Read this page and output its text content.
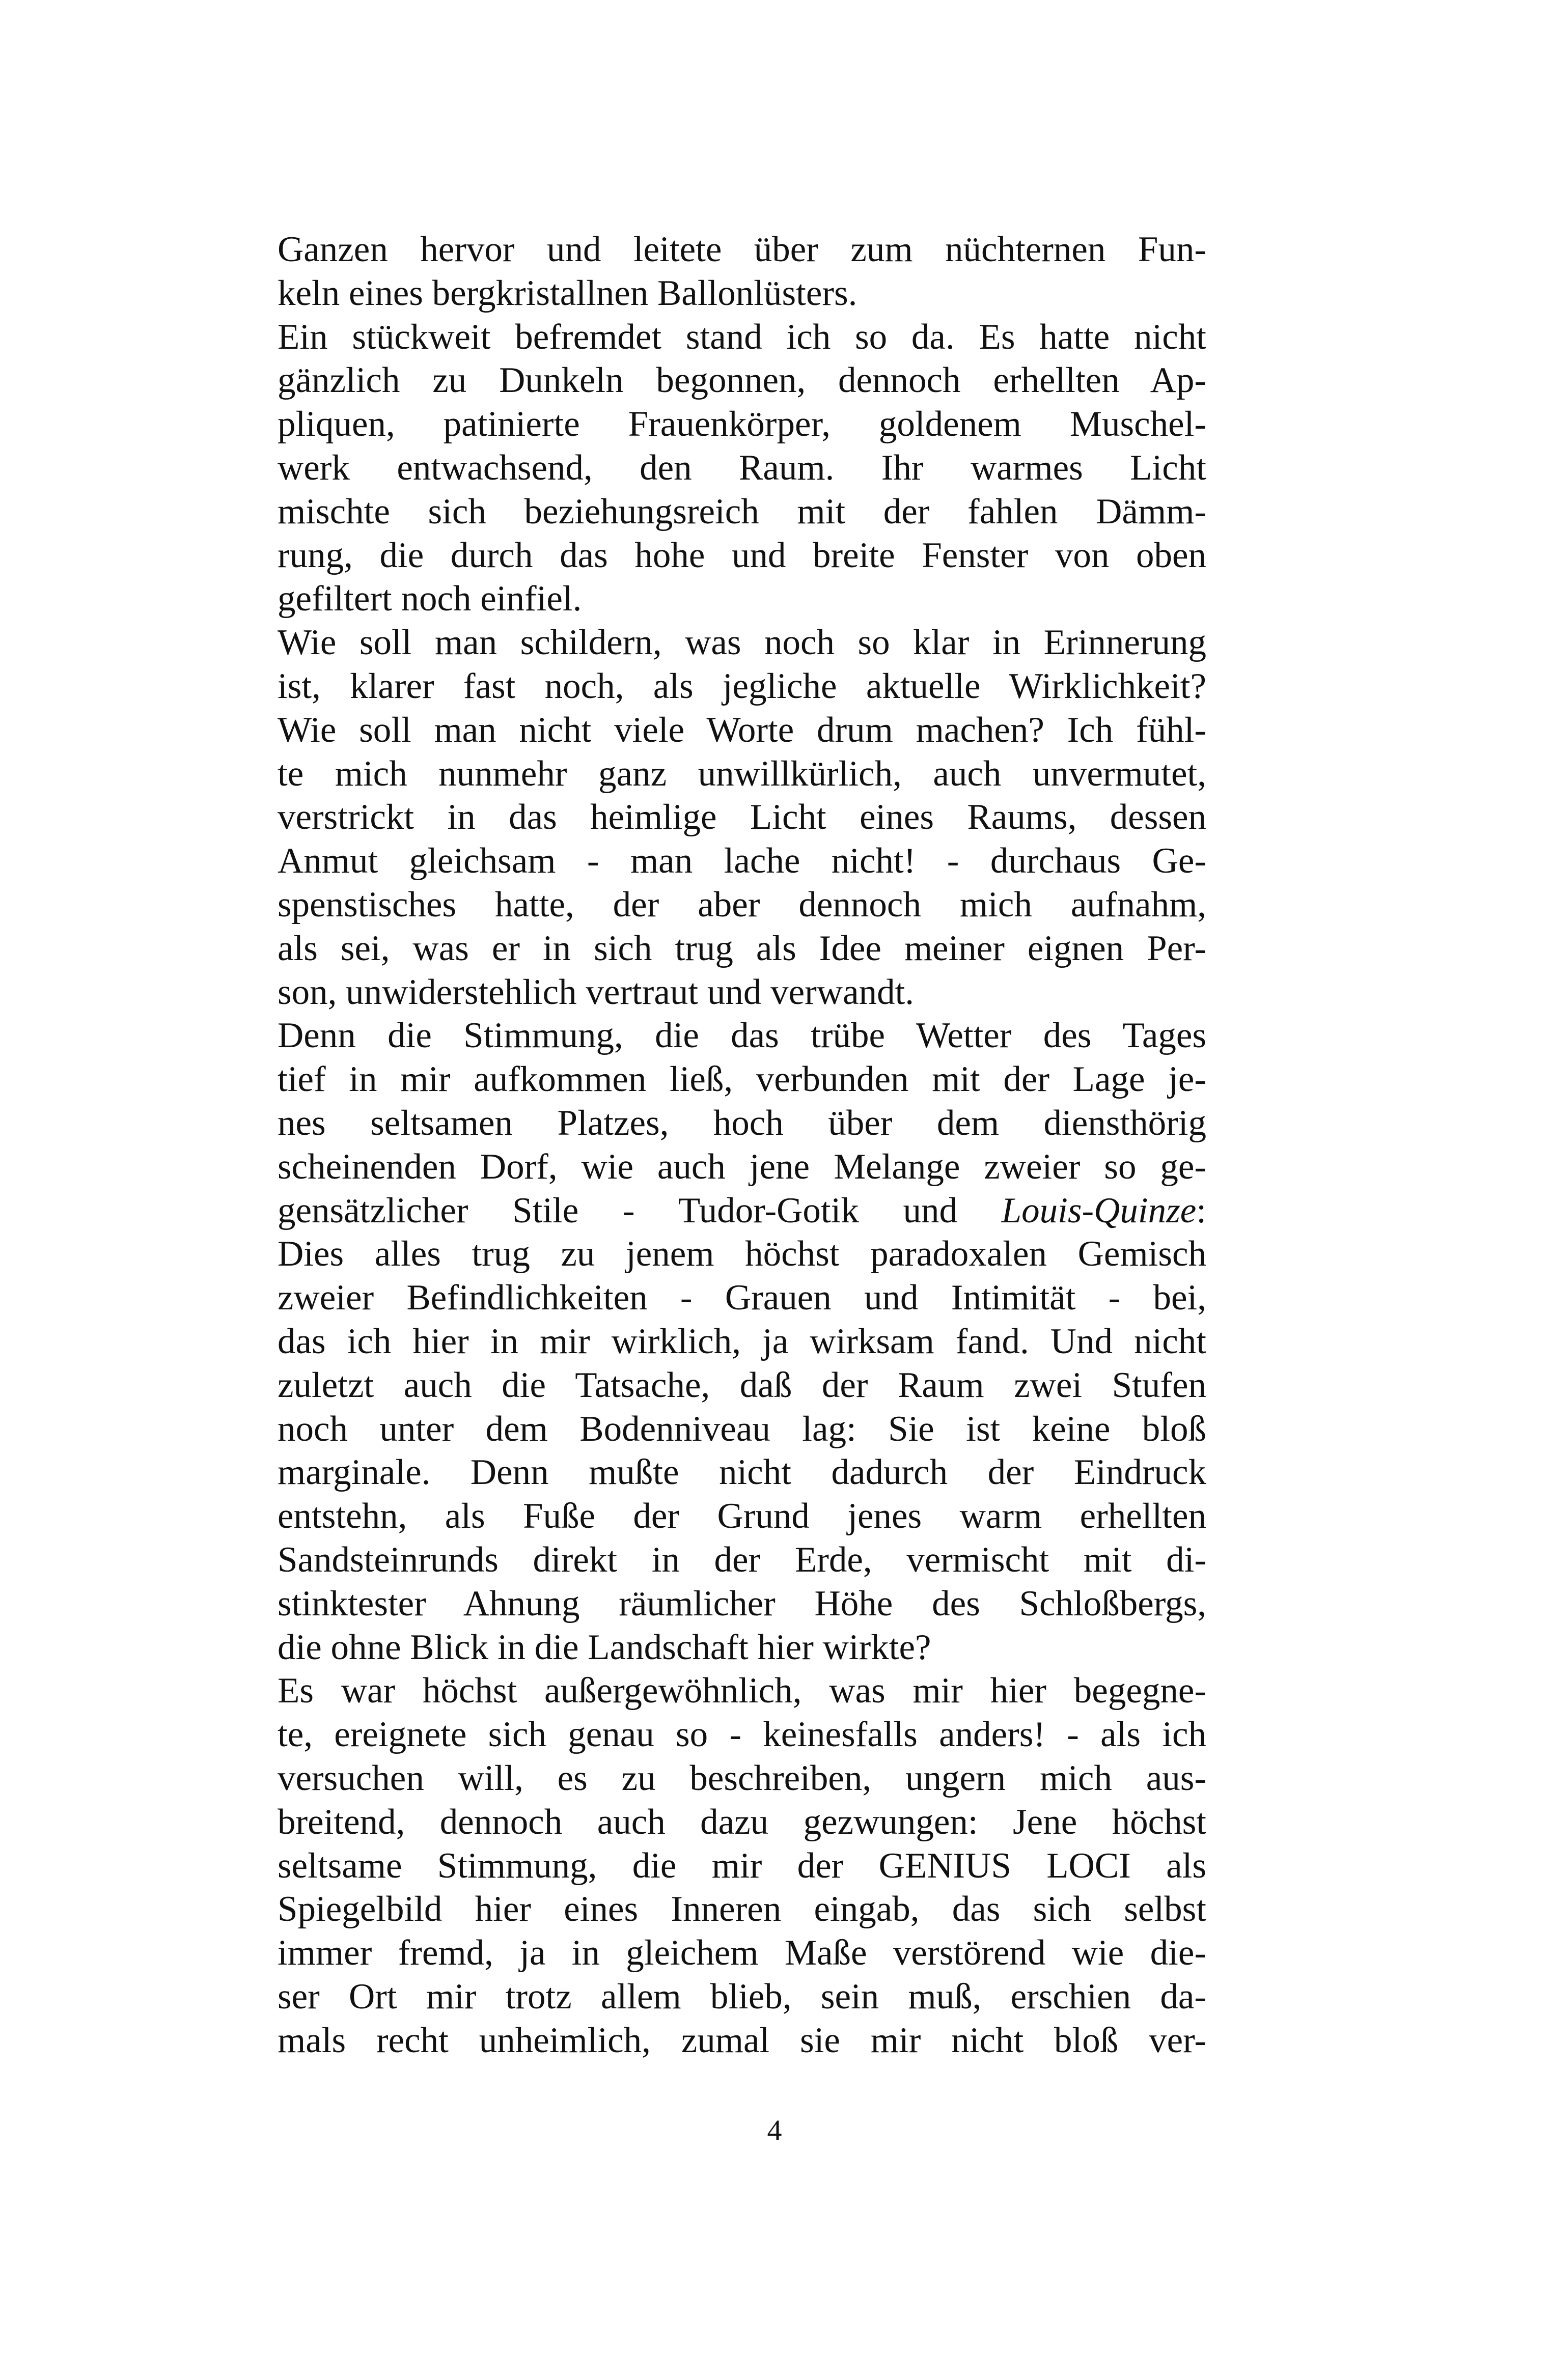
Ganzen hervor und leitete über zum nüchternen Fun-
keln eines bergkristallnen Ballonlüsters.
Ein stückweit befremdet stand ich so da. Es hatte nicht
gänzlich zu Dunkeln begonnen, dennoch erhellten Ap-
pliquen, patinierte Frauenkörper, goldenem Muschel-
werk entwachsend, den Raum. Ihr warmes Licht
mischte sich beziehungsreich mit der fahlen Dämm-
rung, die durch das hohe und breite Fenster von oben
gefiltert noch einfiel.
Wie soll man schildern, was noch so klar in Erinnerung
ist, klarer fast noch, als jegliche aktuelle Wirklichkeit?
Wie soll man nicht viele Worte drum machen? Ich fühl-
te mich nunmehr ganz unwillkürlich, auch unvermutet,
verstrickt in das heimlige Licht eines Raums, dessen
Anmut gleichsam - man lache nicht! - durchaus Ge-
spenstisches hatte, der aber dennoch mich aufnahm,
als sei, was er in sich trug als Idee meiner eignen Per-
son, unwiderstehlich vertraut und verwandt.
Denn die Stimmung, die das trübe Wetter des Tages
tief in mir aufkommen ließ, verbunden mit der Lage je-
nes seltsamen Platzes, hoch über dem diensthörig
scheinenden Dorf, wie auch jene Melange zweier so ge-
gensätzlicher Stile - Tudor-Gotik und Louis-Quinze:
Dies alles trug zu jenem höchst paradoxalen Gemisch
zweier Befindlichkeiten - Grauen und Intimität - bei,
das ich hier in mir wirklich, ja wirksam fand. Und nicht
zuletzt auch die Tatsache, daß der Raum zwei Stufen
noch unter dem Bodenniveau lag: Sie ist keine bloß
marginale. Denn mußte nicht dadurch der Eindruck
entstehn, als Fuße der Grund jenes warm erhellten
Sandsteinrunds direkt in der Erde, vermischt mit di-
stinktester Ahnung räumlicher Höhe des Schloßbergs,
die ohne Blick in die Landschaft hier wirkte?
Es war höchst außergewöhnlich, was mir hier begegne-
te, ereignete sich genau so - keinesfalls anders! - als ich
versuchen will, es zu beschreiben, ungern mich aus-
breitend, dennoch auch dazu gezwungen: Jene höchst
seltsame Stimmung, die mir der GENIUS LOCI als
Spiegelbild hier eines Inneren eingab, das sich selbst
immer fremd, ja in gleichem Maße verstörend wie die-
ser Ort mir trotz allem blieb, sein muß, erschien da-
mals recht unheimlich, zumal sie mir nicht bloß ver-
4
